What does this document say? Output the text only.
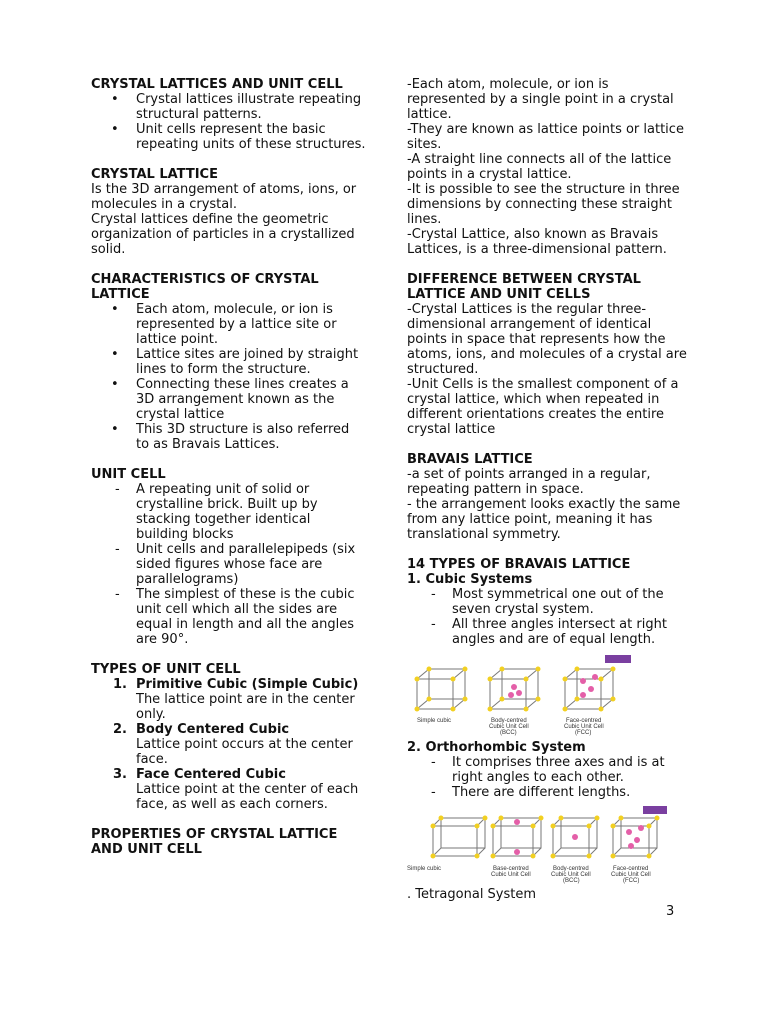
CRYSTAL LATTICES AND UNIT CELL
• Crystal lattices illustrate repeating structural patterns.
• Unit cells represent the basic repeating units of these structures.
CRYSTAL LATTICE

Is the 3D arrangement of atoms, ions, or molecules in a crystal.

Crystal lattices define the geometric organization of particles in a crystallized solid.

CHARACTERISTICS OF CRYSTAL LATTICE
• Each atom, molecule, or ion is represented by a lattice site or lattice point.
• Lattice sites are joined by straight lines to form the structure.
• Connecting these lines creates a 3D arrangement known as the crystal lattice
• This 3D structure is also referred to as Bravais Lattices.
UNIT CELL
- A repeating unit of solid or crystalline brick. Built up by stacking together identical building blocks
- Unit cells and parallelepipeds (six sided figures whose face are parallelograms)
- The simplest of these is the cubic unit cell which all the sides are equal in length and all the angles are 90°.
TYPES OF UNIT CELL
1. Primitive Cubic (Simple Cubic)
The lattice point are in the center only.
2. Body Centered Cubic
Lattice point occurs at the center face.
3. Face Centered Cubic
Lattice point at the center of each face, as well as each corners.
PROPERTIES OF CRYSTAL LATTICE AND UNIT CELL

-Each atom, molecule, or ion is represented by a single point in a crystal lattice.

-They are known as lattice points or lattice sites.

-A straight line connects all of the lattice points in a crystal lattice.

-It is possible to see the structure in three dimensions by connecting these straight lines.

-Crystal Lattice, also known as Bravais Lattices, is a three-dimensional pattern.

DIFFERENCE BETWEEN CRYSTAL LATTICE AND UNIT CELLS

-Crystal Lattices is the regular three-dimensional arrangement of identical points in space that represents how the atoms, ions, and molecules of a crystal are structured.

-Unit Cells is the smallest component of a crystal lattice, which when repeated in different orientations creates the entire crystal lattice

BRAVAIS LATTICE

-a set of points arranged in a regular, repeating pattern in space.

- the arrangement looks exactly the same from any lattice point, meaning it has translational symmetry.

14 TYPES OF BRAVAIS LATTICE
1. Cubic Systems
- Most symmetrical one out of the seven crystal system.
- All three angles intersect at right angles and are of equal length.
Simple cubic	Body-centred
Cubic Unit Cell
(BCC)
Face-centred
Cubic Unit Cell
(FCC)
2. Orthorhombic System
- It comprises three axes and is at right angles to each other.
- There are different lengths.
Simple cubic	Base-centred
Cubic Unit Cell
Body-centred
Cubic Unit Cell
(BCC)
Face-centred
Cubic Unit Cell
(FCC)

. Tetragonal System

3
